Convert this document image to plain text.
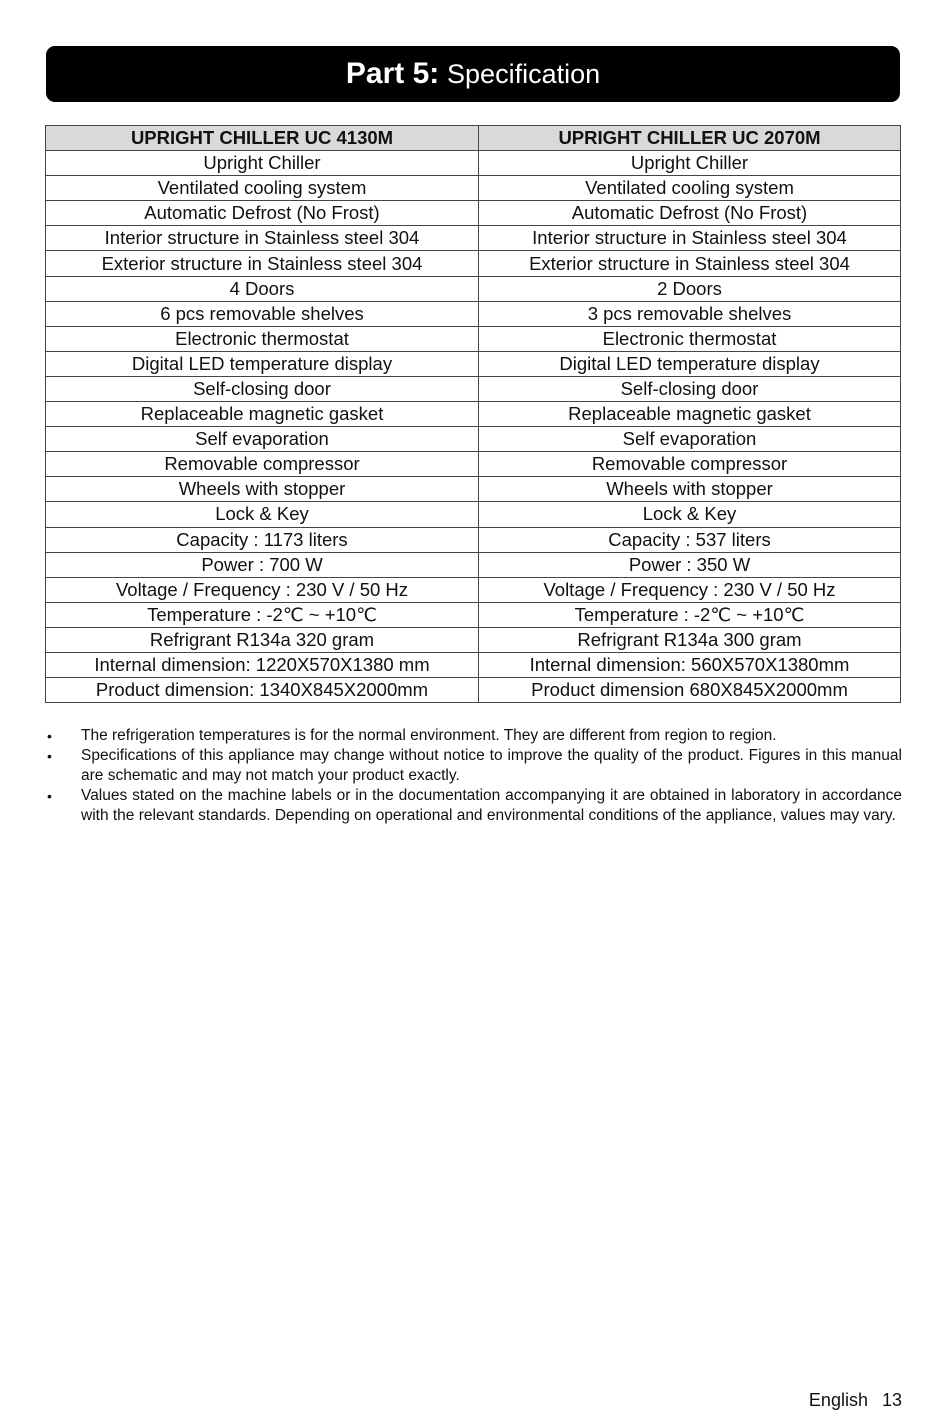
Part 5: Specification
UPRIGHT CHILLER UC 4130M	UPRIGHT CHILLER UC 2070M
Upright Chiller	Upright Chiller
Ventilated cooling system	Ventilated cooling system
Automatic Defrost (No Frost)	Automatic Defrost (No Frost)
Interior structure in Stainless steel 304	Interior structure in Stainless steel 304
Exterior structure in Stainless steel 304	Exterior structure in Stainless steel 304
4 Doors	2 Doors
6 pcs removable shelves	3 pcs removable shelves
Electronic thermostat	Electronic thermostat
Digital LED temperature display	Digital LED temperature display
Self-closing door	Self-closing door
Replaceable magnetic gasket	Replaceable magnetic gasket
Self evaporation	Self evaporation
Removable compressor	Removable compressor
Wheels with stopper	Wheels with stopper
Lock & Key	Lock & Key
Capacity : 1173 liters	Capacity : 537 liters
Power : 700 W	Power : 350 W
Voltage / Frequency : 230 V / 50 Hz	Voltage / Frequency : 230 V / 50 Hz
Temperature : -2℃ ~ +10℃	Temperature : -2℃ ~ +10℃
Refrigrant R134a 320 gram	Refrigrant R134a 300 gram
Internal dimension: 1220X570X1380 mm	Internal dimension: 560X570X1380mm
Product dimension: 1340X845X2000mm	Product dimension 680X845X2000mm
• The refrigeration temperatures is for the normal environment. They are different from region to region.
• Specifications of this appliance may change without notice to improve the quality of the product. Figures in this manual are schematic and may not match your product exactly.
• Values stated on the machine labels or in the documentation accompanying it are obtained in laboratory in accordance with the relevant standards. Depending on operational and environmental conditions of the appliance, values may vary.
English 13
